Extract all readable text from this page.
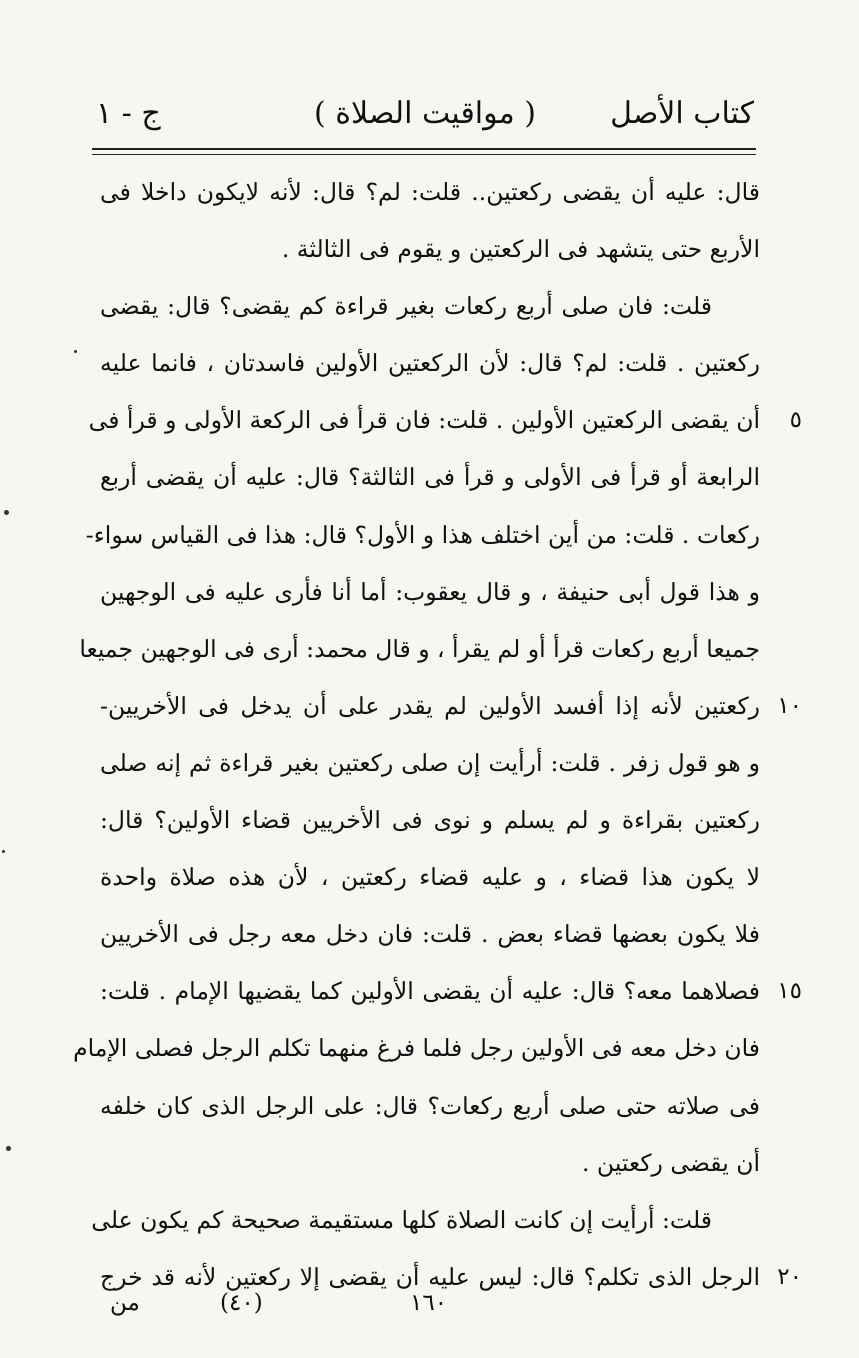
كتاب الأصل
( مواقيت الصلاة )
ج - ١
قال: عليه أن يقضى ركعتين.. قلت: لم؟ قال: لأنه لايكون داخلا فى
الأربع حتى يتشهد فى الركعتين و يقوم فى الثالثة .
قلت: فان صلى أربع ركعات بغير قراءة كم يقضى؟ قال: يقضى
ركعتين . قلت: لم؟ قال: لأن الركعتين الأولين فاسدتان ، فانما عليه
أن يقضى الركعتين الأولين . قلت: فان قرأ فى الركعة الأولى و قرأ فى ٥
الرابعة أو قرأ فى الأولى و قرأ فى الثالثة؟ قال: عليه أن يقضى أربع
ركعات . قلت: من أين اختلف هذا و الأول؟ قال: هذا فى القياس سواء-
و هذا قول أبى حنيفة ، و قال يعقوب: أما أنا فأرى عليه فى الوجهين
جميعا أربع ركعات قرأ أو لم يقرأ ، و قال محمد: أرى فى الوجهين جميعا
ركعتين لأنه إذا أفسد الأولين لم يقدر على أن يدخل فى الأخريين- ١٠
و هو قول زفر . قلت: أرأيت إن صلى ركعتين بغير قراءة ثم إنه صلى
ركعتين بقراءة و لم يسلم و نوى فى الأخريين قضاء الأولين؟ قال:
لا يكون هذا قضاء ، و عليه قضاء ركعتين ، لأن هذه صلاة واحدة
فلا يكون بعضها قضاء بعض . قلت: فان دخل معه رجل فى الأخريين
فصلاهما معه؟ قال: عليه أن يقضى الأولين كما يقضيها الإمام . قلت: ١٥
فان دخل معه فى الأولين رجل فلما فرغ منهما تكلم الرجل فصلى الإمام
فى صلاته حتى صلى أربع ركعات؟ قال: على الرجل الذى كان خلفه
أن يقضى ركعتين .
قلت: أرأيت إن كانت الصلاة كلها مستقيمة صحيحة كم يكون على
الرجل الذى تكلم؟ قال: ليس عليه أن يقضى إلا ركعتين لأنه قد خرج ٢٠
١٦٠
(٤٠)
من
